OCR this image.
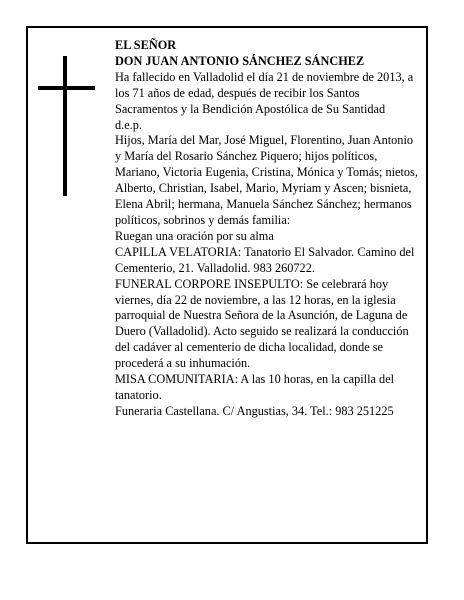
EL SEÑOR

DON JUAN ANTONIO SÁNCHEZ SÁNCHEZ

Ha fallecido en Valladolid el día 21 de noviembre de 2013, a los 71 años de edad, después de recibir los Santos Sacramentos y la Bendición Apostólica de Su Santidad

d.e.p.

Hijos, María del Mar, José Miguel, Florentino, Juan Antonio y María del Rosario Sánchez Piquero; hijos políticos, Mariano, Victoria Eugenia, Cristina, Mónica y Tomás; nietos, Alberto, Christian, Isabel, Mario, Myriam y Ascen; bisnieta, Elena Abril; hermana, Manuela Sánchez Sánchez; hermanos políticos, sobrinos y demás familia:

Ruegan una oración por su alma

CAPILLA VELATORIA: Tanatorio El Salvador. Camino del Cementerio, 21. Valladolid. 983 260722.

FUNERAL CORPORE INSEPULTO: Se celebrará hoy viernes, día 22 de noviembre, a las 12 horas, en la iglesia parroquial de Nuestra Señora de la Asunción, de Laguna de Duero (Valladolid). Acto seguido se realizará la conducción del cadáver al cementerio de dicha localidad, donde se procederá a su inhumación.

MISA COMUNITARIA: A las 10 horas, en la capilla del tanatorio.

Funeraria Castellana. C/ Angustias, 34. Tel.: 983 251225
